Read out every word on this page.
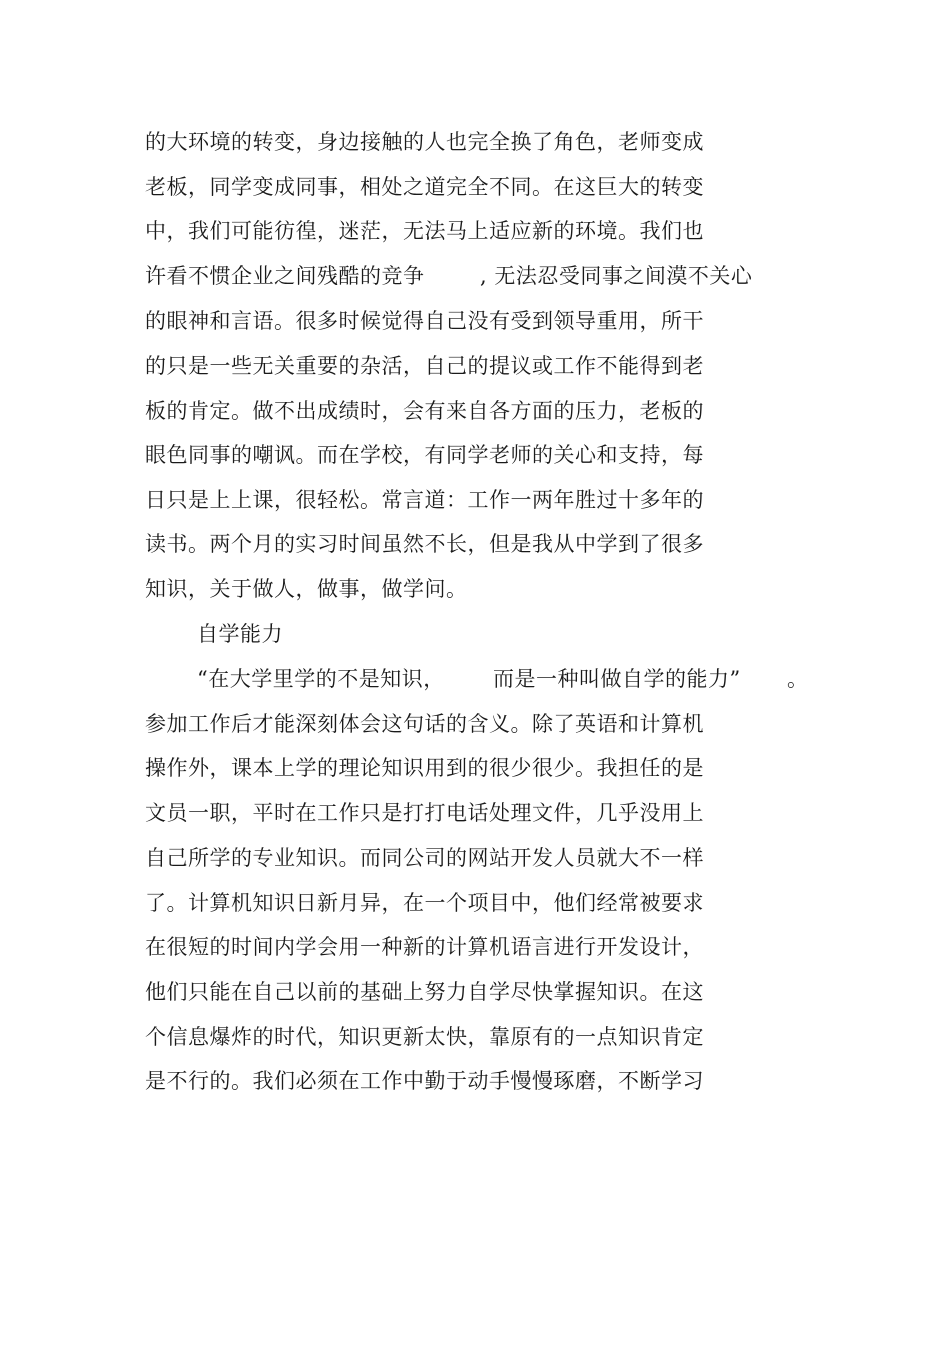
的大环境的转变，身边接触的人也完全换了角色，老师变成
老板，同学变成同事，相处之道完全不同。在这巨大的转变
中，我们可能彷徨，迷茫，无法马上适应新的环境。我们也
许看不惯企业之间残酷的竞争	, 无法忍受同事之间漠不关心
的眼神和言语。很多时候觉得自己没有受到领导重用，所干
的只是一些无关重要的杂活，自己的提议或工作不能得到老
板的肯定。做不出成绩时，会有来自各方面的压力，老板的
眼色同事的嘲讽。而在学校，有同学老师的关心和支持，每
日只是上上课，很轻松。常言道：工作一两年胜过十多年的
读书。两个月的实习时间虽然不长，但是我从中学到了很多
知识，关于做人，做事，做学问。
自学能力
“在大学里学的不是知识， 而是一种叫做自学的能力” 。
参加工作后才能深刻体会这句话的含义。除了英语和计算机
操作外，课本上学的理论知识用到的很少很少。我担任的是
文员一职，平时在工作只是打打电话处理文件，几乎没用上
自己所学的专业知识。而同公司的网站开发人员就大不一样
了。计算机知识日新月异，在一个项目中，他们经常被要求
在很短的时间内学会用一种新的计算机语言进行开发设计，
他们只能在自己以前的基础上努力自学尽快掌握知识。在这
个信息爆炸的时代，知识更新太快，靠原有的一点知识肯定
是不行的。我们必须在工作中勤于动手慢慢琢磨，不断学习
